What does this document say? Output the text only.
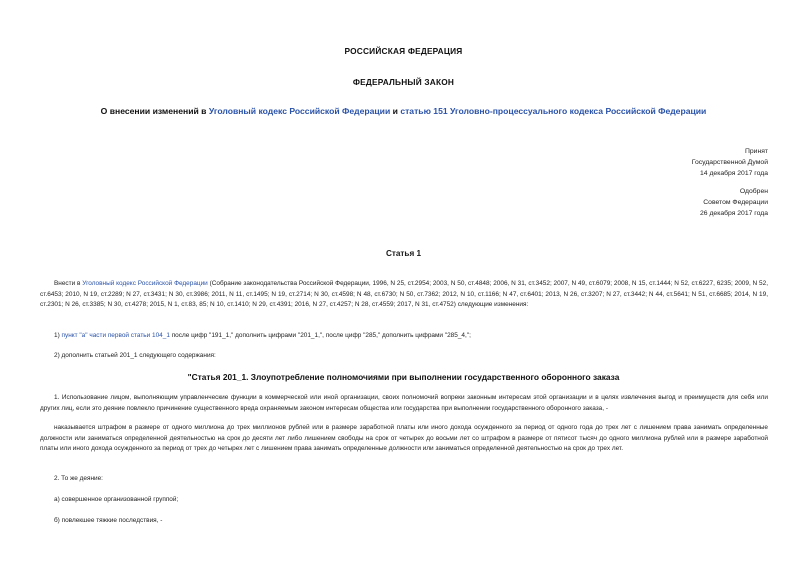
РОССИЙСКАЯ ФЕДЕРАЦИЯ
ФЕДЕРАЛЬНЫЙ ЗАКОН
О внесении изменений в Уголовный кодекс Российской Федерации и статью 151 Уголовно-процессуального кодекса Российской Федерации
Принят
Государственной Думой
14 декабря 2017 года
Одобрен
Советом Федерации
26 декабря 2017 года
Статья 1
Внести в Уголовный кодекс Российской Федерации (Собрание законодательства Российской Федерации, 1996, N 25, ст.2954; 2003, N 50, ст.4848; 2006, N 31, ст.3452; 2007, N 49, ст.6079; 2008, N 15, ст.1444; N 52, ст.6227, 6235; 2009, N 52, ст.6453; 2010, N 19, ст.2289; N 27, ст.3431; N 30, ст.3986; 2011, N 11, ст.1495; N 19, ст.2714; N 30, ст.4598; N 48, ст.6730; N 50, ст.7362; 2012, N 10, ст.1166; N 47, ст.6401; 2013, N 26, ст.3207; N 27, ст.3442; N 44, ст.5641; N 51, ст.6685; 2014, N 19, ст.2301; N 26, ст.3385; N 30, ст.4278; 2015, N 1, ст.83, 85; N 10, ст.1410; N 29, ст.4391; 2016, N 27, ст.4257; N 28, ст.4559; 2017, N 31, ст.4752) следующие изменения:
1) пункт "а" части первой статьи 104_1 после цифр "191_1," дополнить цифрами "201_1,", после цифр "285," дополнить цифрами "285_4,";
2) дополнить статьей 201_1 следующего содержания:
"Статья 201_1. Злоупотребление полномочиями при выполнении государственного оборонного заказа
1. Использование лицом, выполняющим управленческие функции в коммерческой или иной организации, своих полномочий вопреки законным интересам этой организации и в целях извлечения выгод и преимуществ для себя или других лиц, если это деяние повлекло причинение существенного вреда охраняемым законом интересам общества или государства при выполнении государственного оборонного заказа, -
наказывается штрафом в размере от одного миллиона до трех миллионов рублей или в размере заработной платы или иного дохода осужденного за период от одного года до трех лет с лишением права занимать определенные должности или заниматься определенной деятельностью на срок до десяти лет либо лишением свободы на срок от четырех до восьми лет со штрафом в размере от пятисот тысяч до одного миллиона рублей или в размере заработной платы или иного дохода осужденного за период от трех до четырех лет с лишением права занимать определенные должности или заниматься определенной деятельностью на срок до трех лет.
2. То же деяние:
а) совершенное организованной группой;
б) повлекшее тяжкие последствия, -
